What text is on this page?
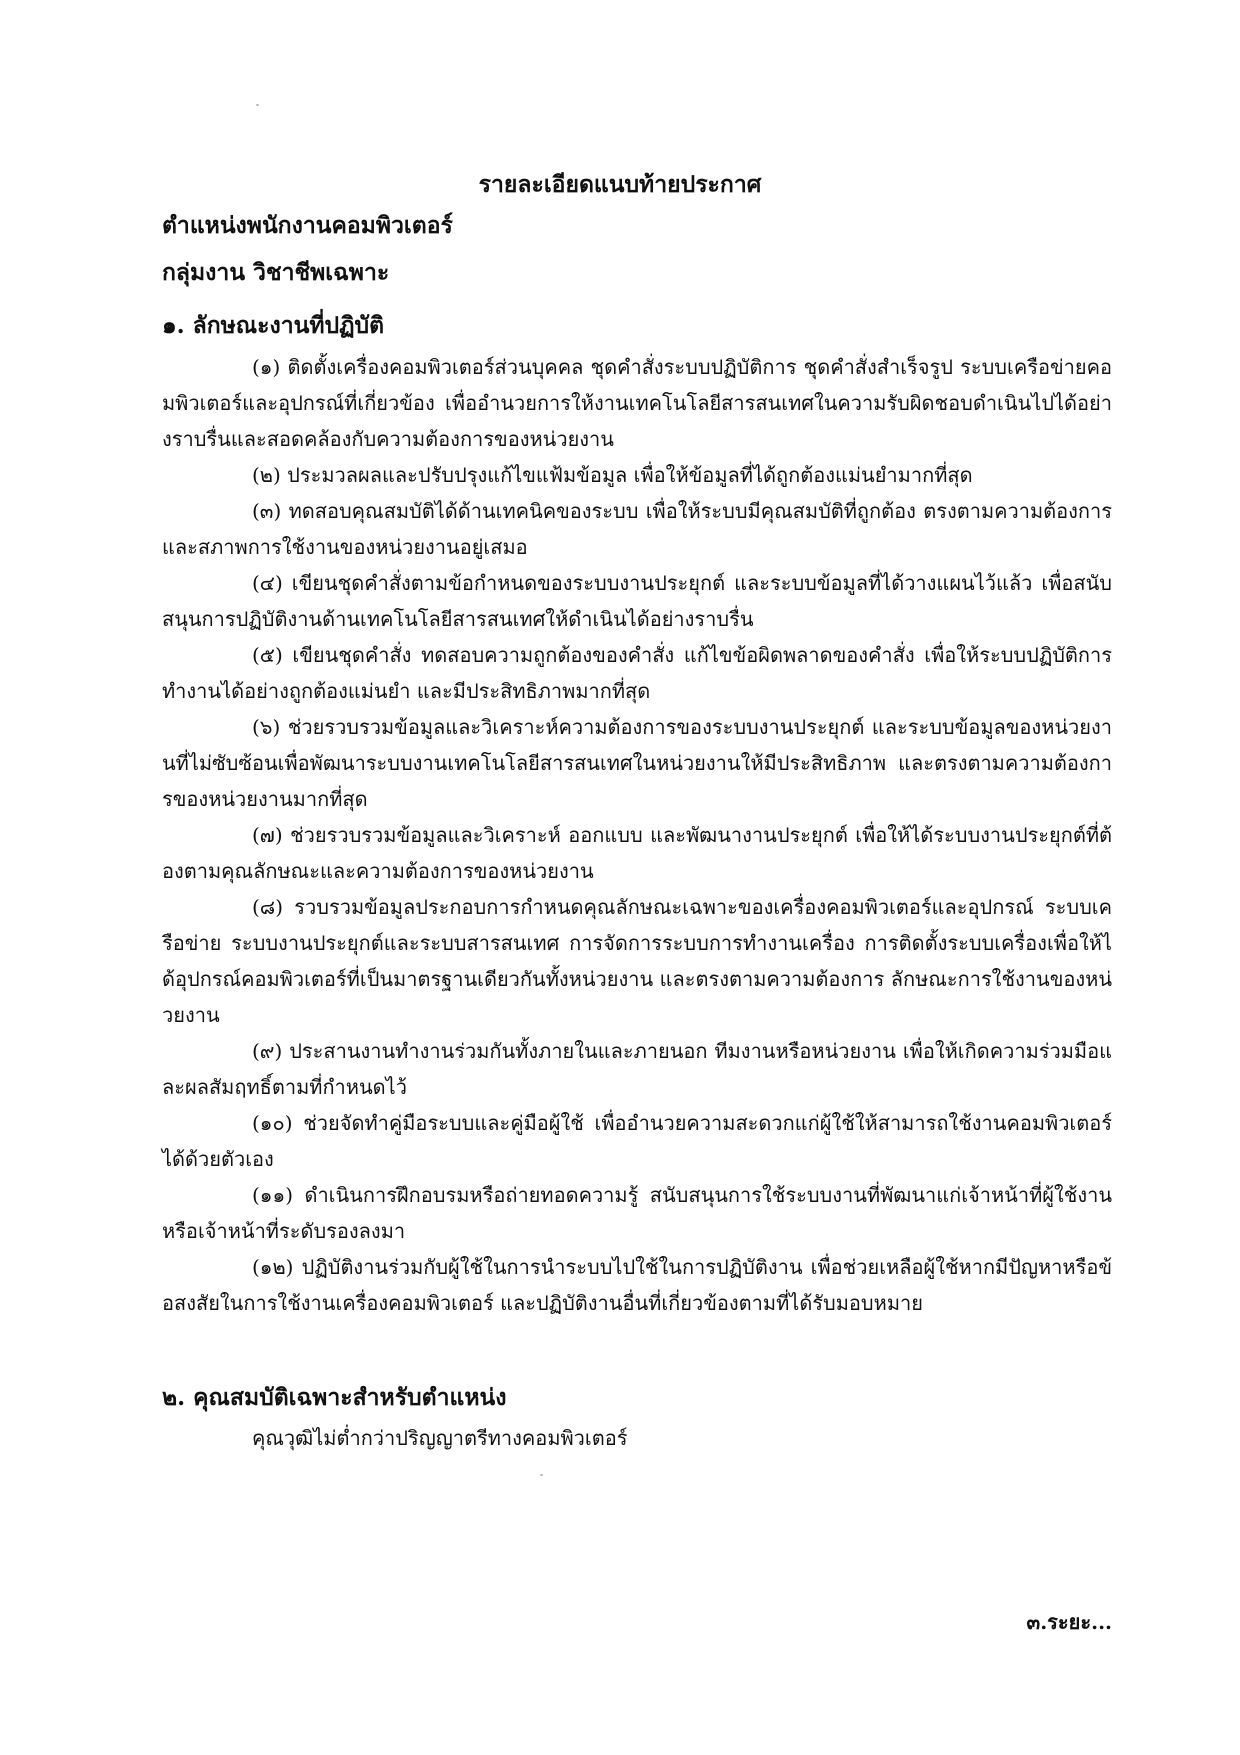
รายละเอียดแนบท้ายประกาศ
ตำแหน่งพนักงานคอมพิวเตอร์
กลุ่มงาน วิชาชีพเฉพาะ
๑. ลักษณะงานที่ปฏิบัติ
(๑) ติดตั้งเครื่องคอมพิวเตอร์ส่วนบุคคล ชุดคำสั่งระบบปฏิบัติการ ชุดคำสั่งสำเร็จรูป ระบบเครือข่ายคอมพิวเตอร์และอุปกรณ์ที่เกี่ยวข้อง เพื่ออำนวยการให้งานเทคโนโลยีสารสนเทศในความรับผิดชอบดำเนินไปได้อย่างราบรื่นและสอดคล้องกับความต้องการของหน่วยงาน
(๒) ประมวลผลและปรับปรุงแก้ไขแฟ้มข้อมูล เพื่อให้ข้อมูลที่ได้ถูกต้องแม่นยำมากที่สุด
(๓) ทดสอบคุณสมบัติได้ด้านเทคนิคของระบบ เพื่อให้ระบบมีคุณสมบัติที่ถูกต้อง ตรงตามความต้องการและสภาพการใช้งานของหน่วยงานอยู่เสมอ
(๔) เขียนชุดคำสั่งตามข้อกำหนดของระบบงานประยุกต์ และระบบข้อมูลที่ได้วางแผนไว้แล้ว เพื่อสนับสนุนการปฏิบัติงานด้านเทคโนโลยีสารสนเทศให้ดำเนินได้อย่างราบรื่น
(๕) เขียนชุดคำสั่ง ทดสอบความถูกต้องของคำสั่ง แก้ไขข้อผิดพลาดของคำสั่ง เพื่อให้ระบบปฏิบัติการทำงานได้อย่างถูกต้องแม่นยำ และมีประสิทธิภาพมากที่สุด
(๖) ช่วยรวบรวมข้อมูลและวิเคราะห์ความต้องการของระบบงานประยุกต์ และระบบข้อมูลของหน่วยงานที่ไม่ซับซ้อนเพื่อพัฒนาระบบงานเทคโนโลยีสารสนเทศในหน่วยงานให้มีประสิทธิภาพ และตรงตามความต้องการของหน่วยงานมากที่สุด
(๗) ช่วยรวบรวมข้อมูลและวิเคราะห์ ออกแบบ และพัฒนางานประยุกต์ เพื่อให้ได้ระบบงานประยุกต์ที่ต้องตามคุณลักษณะและความต้องการของหน่วยงาน
(๘) รวบรวมข้อมูลประกอบการกำหนดคุณลักษณะเฉพาะของเครื่องคอมพิวเตอร์และอุปกรณ์ ระบบเครือข่าย ระบบงานประยุกต์และระบบสารสนเทศ การจัดการระบบการทำงานเครื่อง การติดตั้งระบบเครื่องเพื่อให้ได้อุปกรณ์คอมพิวเตอร์ที่เป็นมาตรฐานเดียวกันทั้งหน่วยงาน และตรงตามความต้องการ ลักษณะการใช้งานของหน่วยงาน
(๙) ประสานงานทำงานร่วมกันทั้งภายในและภายนอก ทีมงานหรือหน่วยงาน เพื่อให้เกิดความร่วมมือและผลสัมฤทธิ์ตามที่กำหนดไว้
(๑๐) ช่วยจัดทำคู่มือระบบและคู่มือผู้ใช้ เพื่ออำนวยความสะดวกแก่ผู้ใช้ให้สามารถใช้งานคอมพิวเตอร์ได้ด้วยตัวเอง
(๑๑) ดำเนินการฝึกอบรมหรือถ่ายทอดความรู้ สนับสนุนการใช้ระบบงานที่พัฒนาแก่เจ้าหน้าที่ผู้ใช้งานหรือเจ้าหน้าที่ระดับรองลงมา
(๑๒) ปฏิบัติงานร่วมกับผู้ใช้ในการนำระบบไปใช้ในการปฏิบัติงาน เพื่อช่วยเหลือผู้ใช้หากมีปัญหาหรือข้อสงสัยในการใช้งานเครื่องคอมพิวเตอร์ และปฏิบัติงานอื่นที่เกี่ยวข้องตามที่ได้รับมอบหมาย
๒. คุณสมบัติเฉพาะสำหรับตำแหน่ง
คุณวุฒิไม่ต่ำกว่าปริญญาตรีทางคอมพิวเตอร์
๓.ระยะ...
